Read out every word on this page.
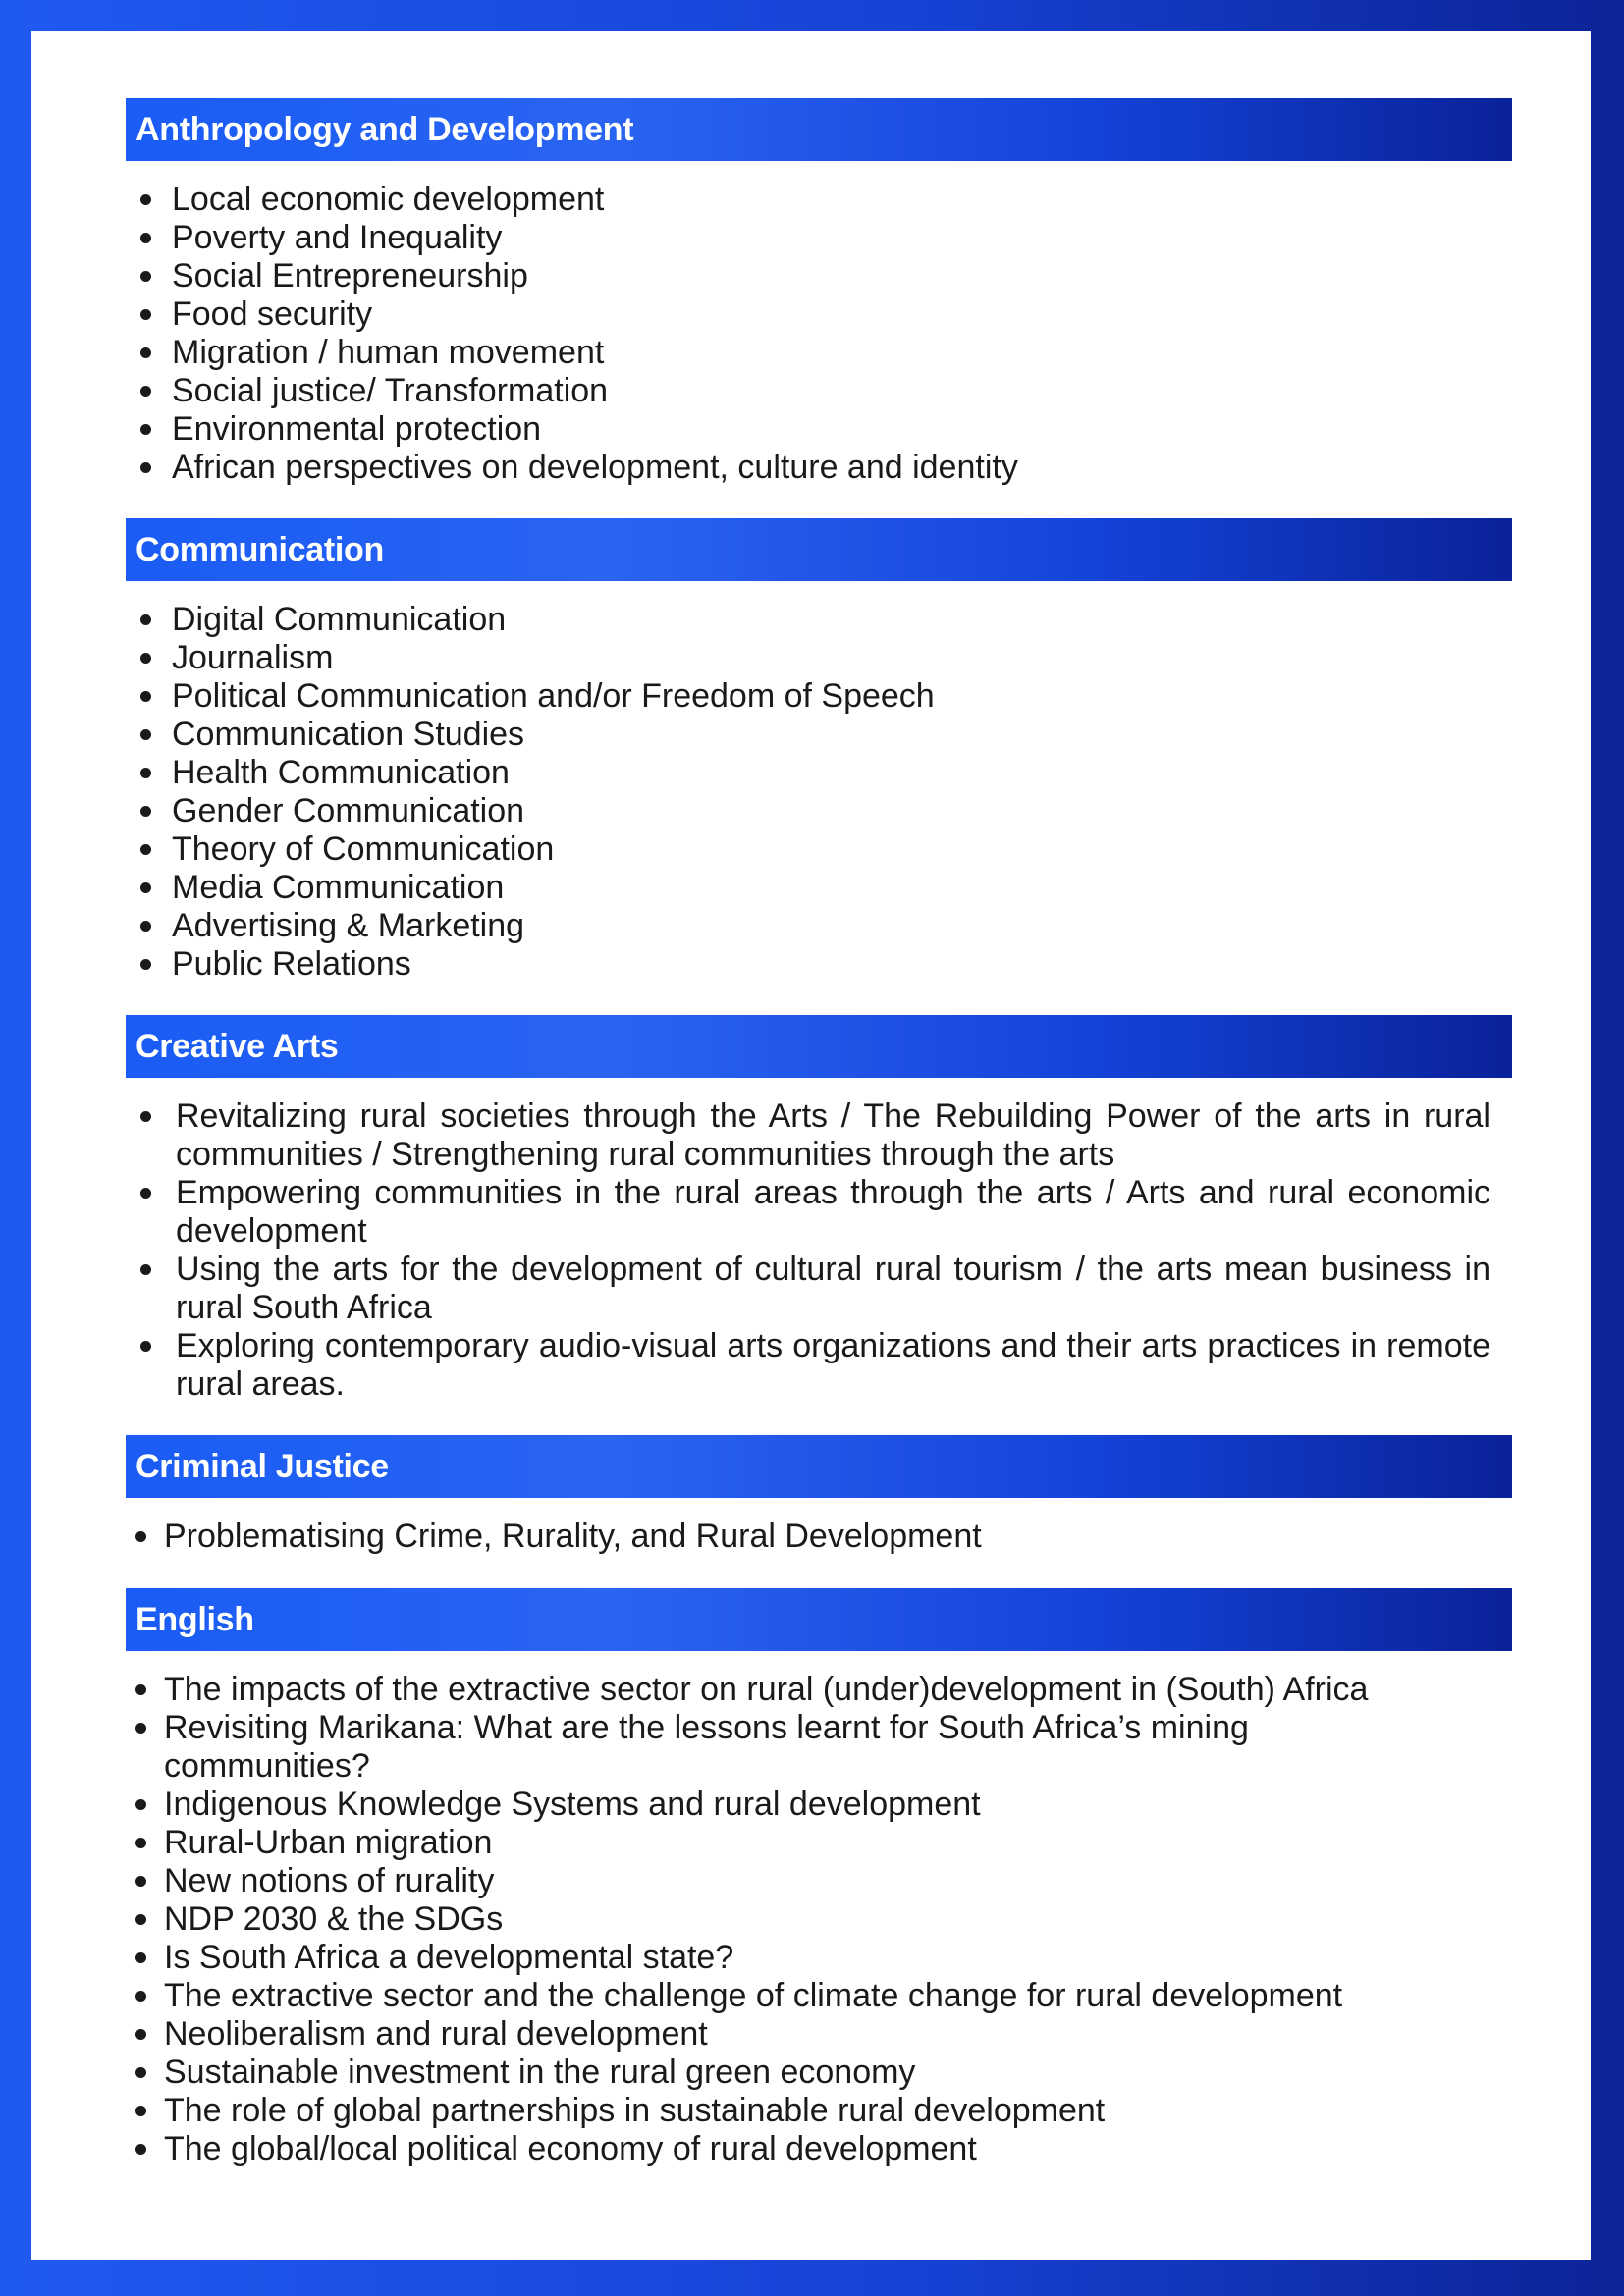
Anthropology and Development
Local economic development
Poverty and Inequality
Social Entrepreneurship
Food security
Migration / human movement
Social justice/ Transformation
Environmental protection
African perspectives on development, culture and identity
Communication
Digital Communication
Journalism
Political Communication and/or Freedom of Speech
Communication Studies
Health Communication
Gender Communication
Theory of Communication
Media Communication
Advertising & Marketing
Public Relations
Creative Arts
Revitalizing rural societies through the Arts / The Rebuilding Power of the arts in rural communities / Strengthening rural communities through the arts
Empowering communities in the rural areas through the arts / Arts and rural economic development
Using the arts for the development of cultural rural tourism / the arts mean business in rural South Africa
Exploring contemporary audio-visual arts organizations and their arts practices in remote rural areas.
Criminal Justice
Problematising Crime, Rurality, and Rural Development
English
The impacts of the extractive sector on rural (under)development in (South) Africa
Revisiting Marikana: What are the lessons learnt for South Africa’s mining communities?
Indigenous Knowledge Systems and rural development
Rural-Urban migration
New notions of rurality
NDP 2030 & the SDGs
Is South Africa a developmental state?
The extractive sector and the challenge of climate change for rural development
Neoliberalism and rural development
Sustainable investment in the rural green economy
The role of global partnerships in sustainable rural development
The global/local political economy of rural development
